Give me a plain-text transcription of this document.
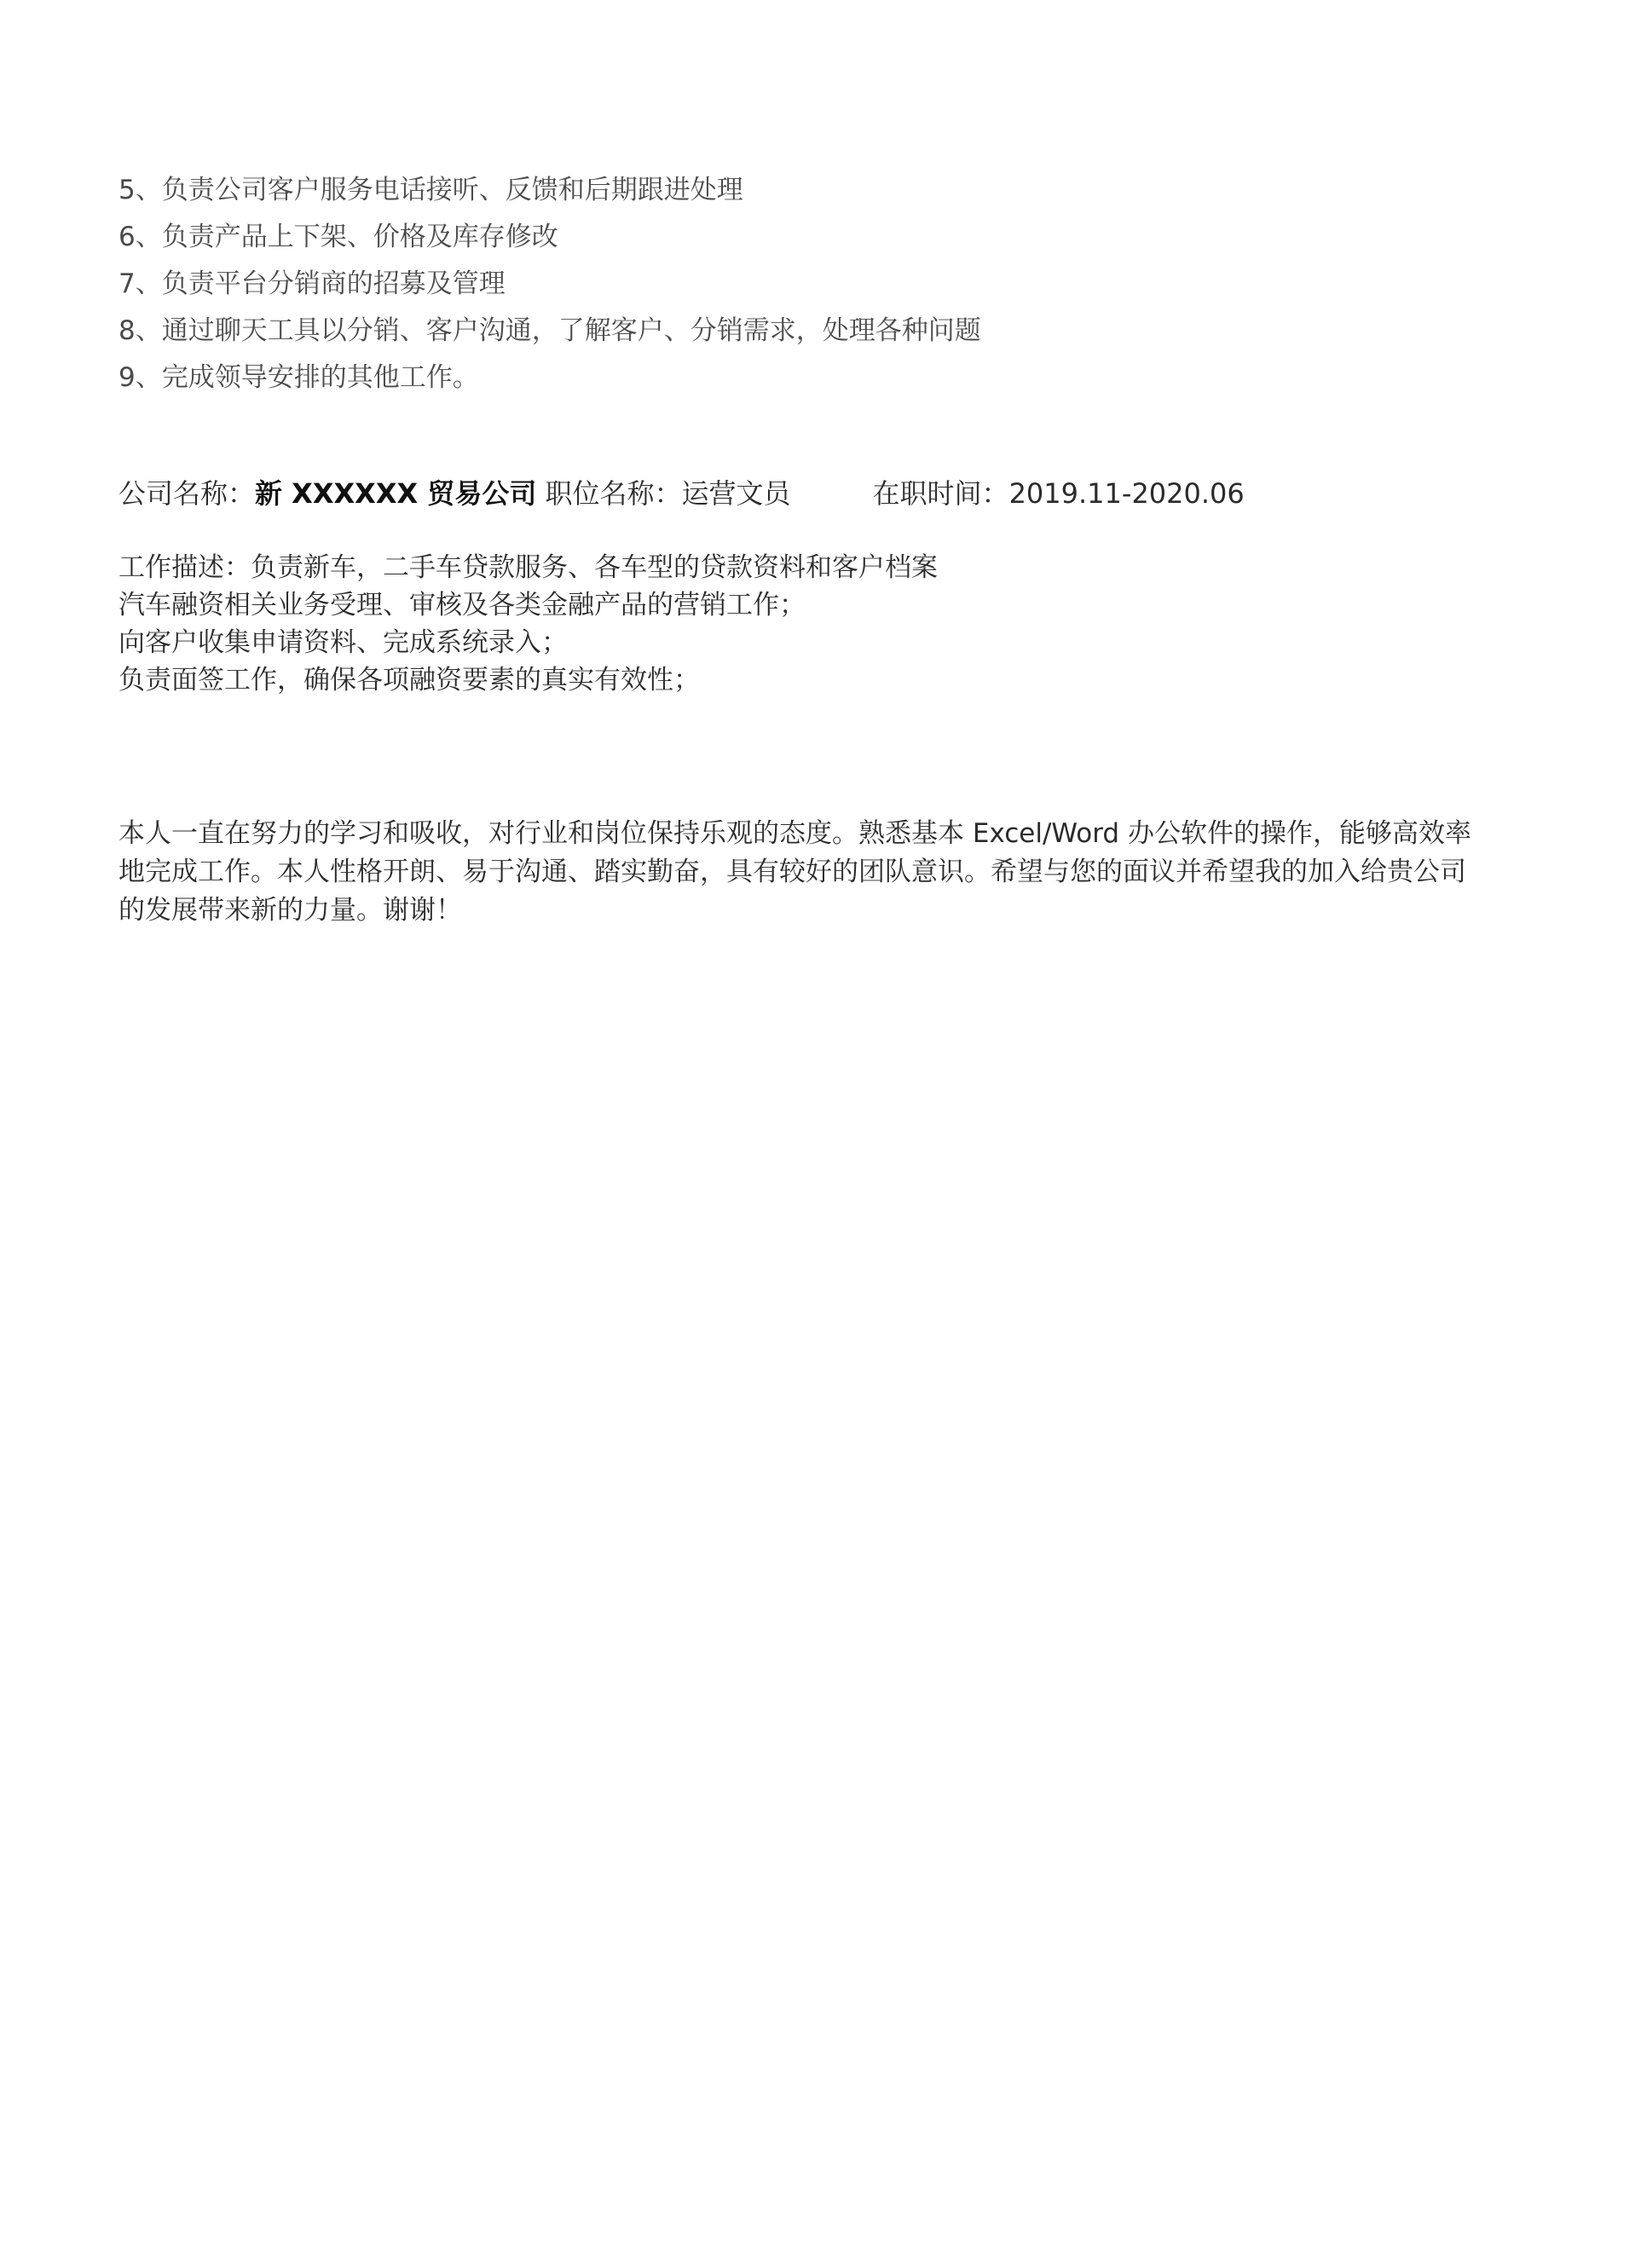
5、负责公司客户服务电话接听、反馈和后期跟进处理
6、负责产品上下架、价格及库存修改
7、负责平台分销商的招募及管理
8、通过聊天工具以分销、客户沟通，了解客户、分销需求，处理各种问题
9、完成领导安排的其他工作。
公司名称：新 XXXXXX 贸易公司 职位名称：运营文员	在职时间：2019.11-2020.06
工作描述：负责新车，二手车贷款服务、各车型的贷款资料和客户档案
汽车融资相关业务受理、审核及各类金融产品的营销工作；
向客户收集申请资料、完成系统录入；
负责面签工作，确保各项融资要素的真实有效性；
本人一直在努力的学习和吸收，对行业和岗位保持乐观的态度。熟悉基本 Excel/Word 办公软件的操作，能够高效率
地完成工作。本人性格开朗、易于沟通、踏实勤奋，具有较好的团队意识。希望与您的面议并希望我的加入给贵公司
的发展带来新的力量。谢谢！
